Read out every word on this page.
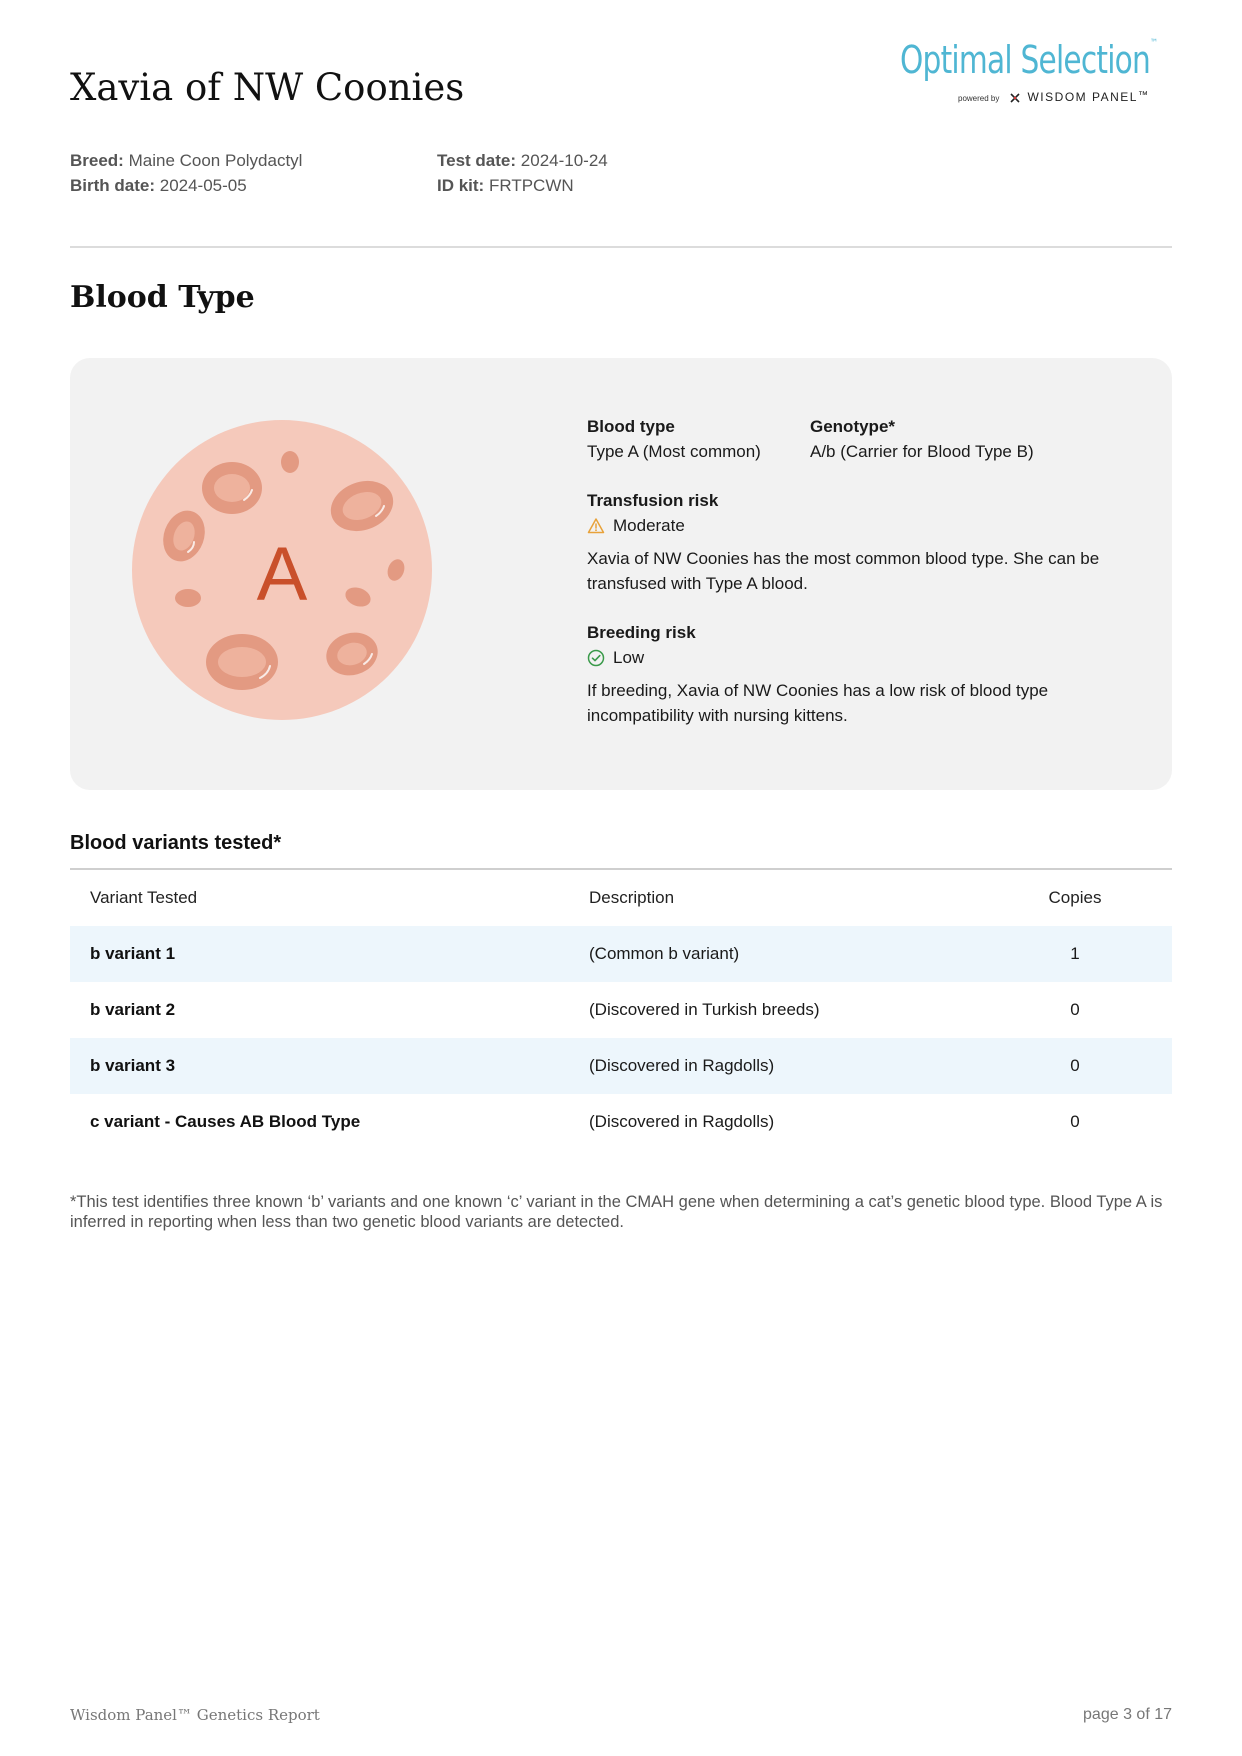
Xavia of NW Coonies
Optimal Selection™
powered by WISDOM PANEL™
Breed: Maine Coon Polydactyl
Birth date: 2024-05-05
Test date: 2024-10-24
ID kit: FRTPCWN
Blood Type
A
Blood type
Type A (Most common)
Genotype*
A/b (Carrier for Blood Type B)
Transfusion risk
Moderate
Xavia of NW Coonies has the most common blood type. She can be transfused with Type A blood.
Breeding risk
Low
If breeding, Xavia of NW Coonies has a low risk of blood type incompatibility with nursing kittens.
Blood variants tested*
Variant Tested	Description	Copies
b variant 1	(Common b variant)	1
b variant 2	(Discovered in Turkish breeds)	0
b variant 3	(Discovered in Ragdolls)	0
c variant - Causes AB Blood Type	(Discovered in Ragdolls)	0
*This test identifies three known ‘b’ variants and one known ‘c’ variant in the CMAH gene when determining a cat’s genetic blood type. Blood Type A is inferred in reporting when less than two genetic blood variants are detected.
Wisdom Panel™ Genetics Report	page 3 of 17
